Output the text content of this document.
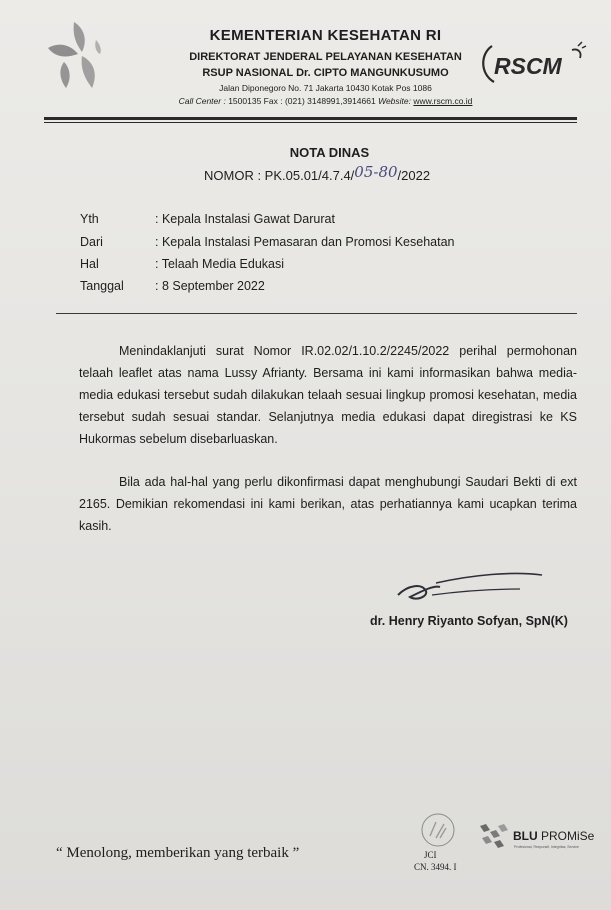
KEMENTERIAN KESEHATAN RI
DIREKTORAT JENDERAL PELAYANAN KESEHATAN
RSUP NASIONAL Dr. CIPTO MANGUNKUSUMO
Jalan Diponegoro No. 71 Jakarta 10430 Kotak Pos 1086
Call Center : 1500135 Fax : (021) 3148991,3914661 Website: www.rscm.co.id
RSCM
NOTA DINAS
NOMOR : PK.05.01/4.7.4/05-80/2022
Yth	: Kepala Instalasi Gawat Darurat
Dari	: Kepala Instalasi Pemasaran dan Promosi Kesehatan
Hal	: Telaah Media Edukasi
Tanggal : 8 September 2022
Menindaklanjuti surat Nomor IR.02.02/1.10.2/2245/2022 perihal permohonan telaah leaflet atas nama Lussy Afrianty. Bersama ini kami informasikan bahwa media-media edukasi tersebut sudah dilakukan telaah sesuai lingkup promosi kesehatan, media tersebut sudah sesuai standar. Selanjutnya media edukasi dapat diregistrasi ke KS Hukormas sebelum disebarluaskan.
Bila ada hal-hal yang perlu dikonfirmasi dapat menghubungi Saudari Bekti di ext 2165. Demikian rekomendasi ini kami berikan, atas perhatiannya kami ucapkan terima kasih.
dr. Henry Riyanto Sofyan, SpN(K)
“ Menolong, memberikan yang terbaik ”	JCI
CN. 3494. I
BLU PROMiSe
Profesional, Responsif, Integritas, Service
